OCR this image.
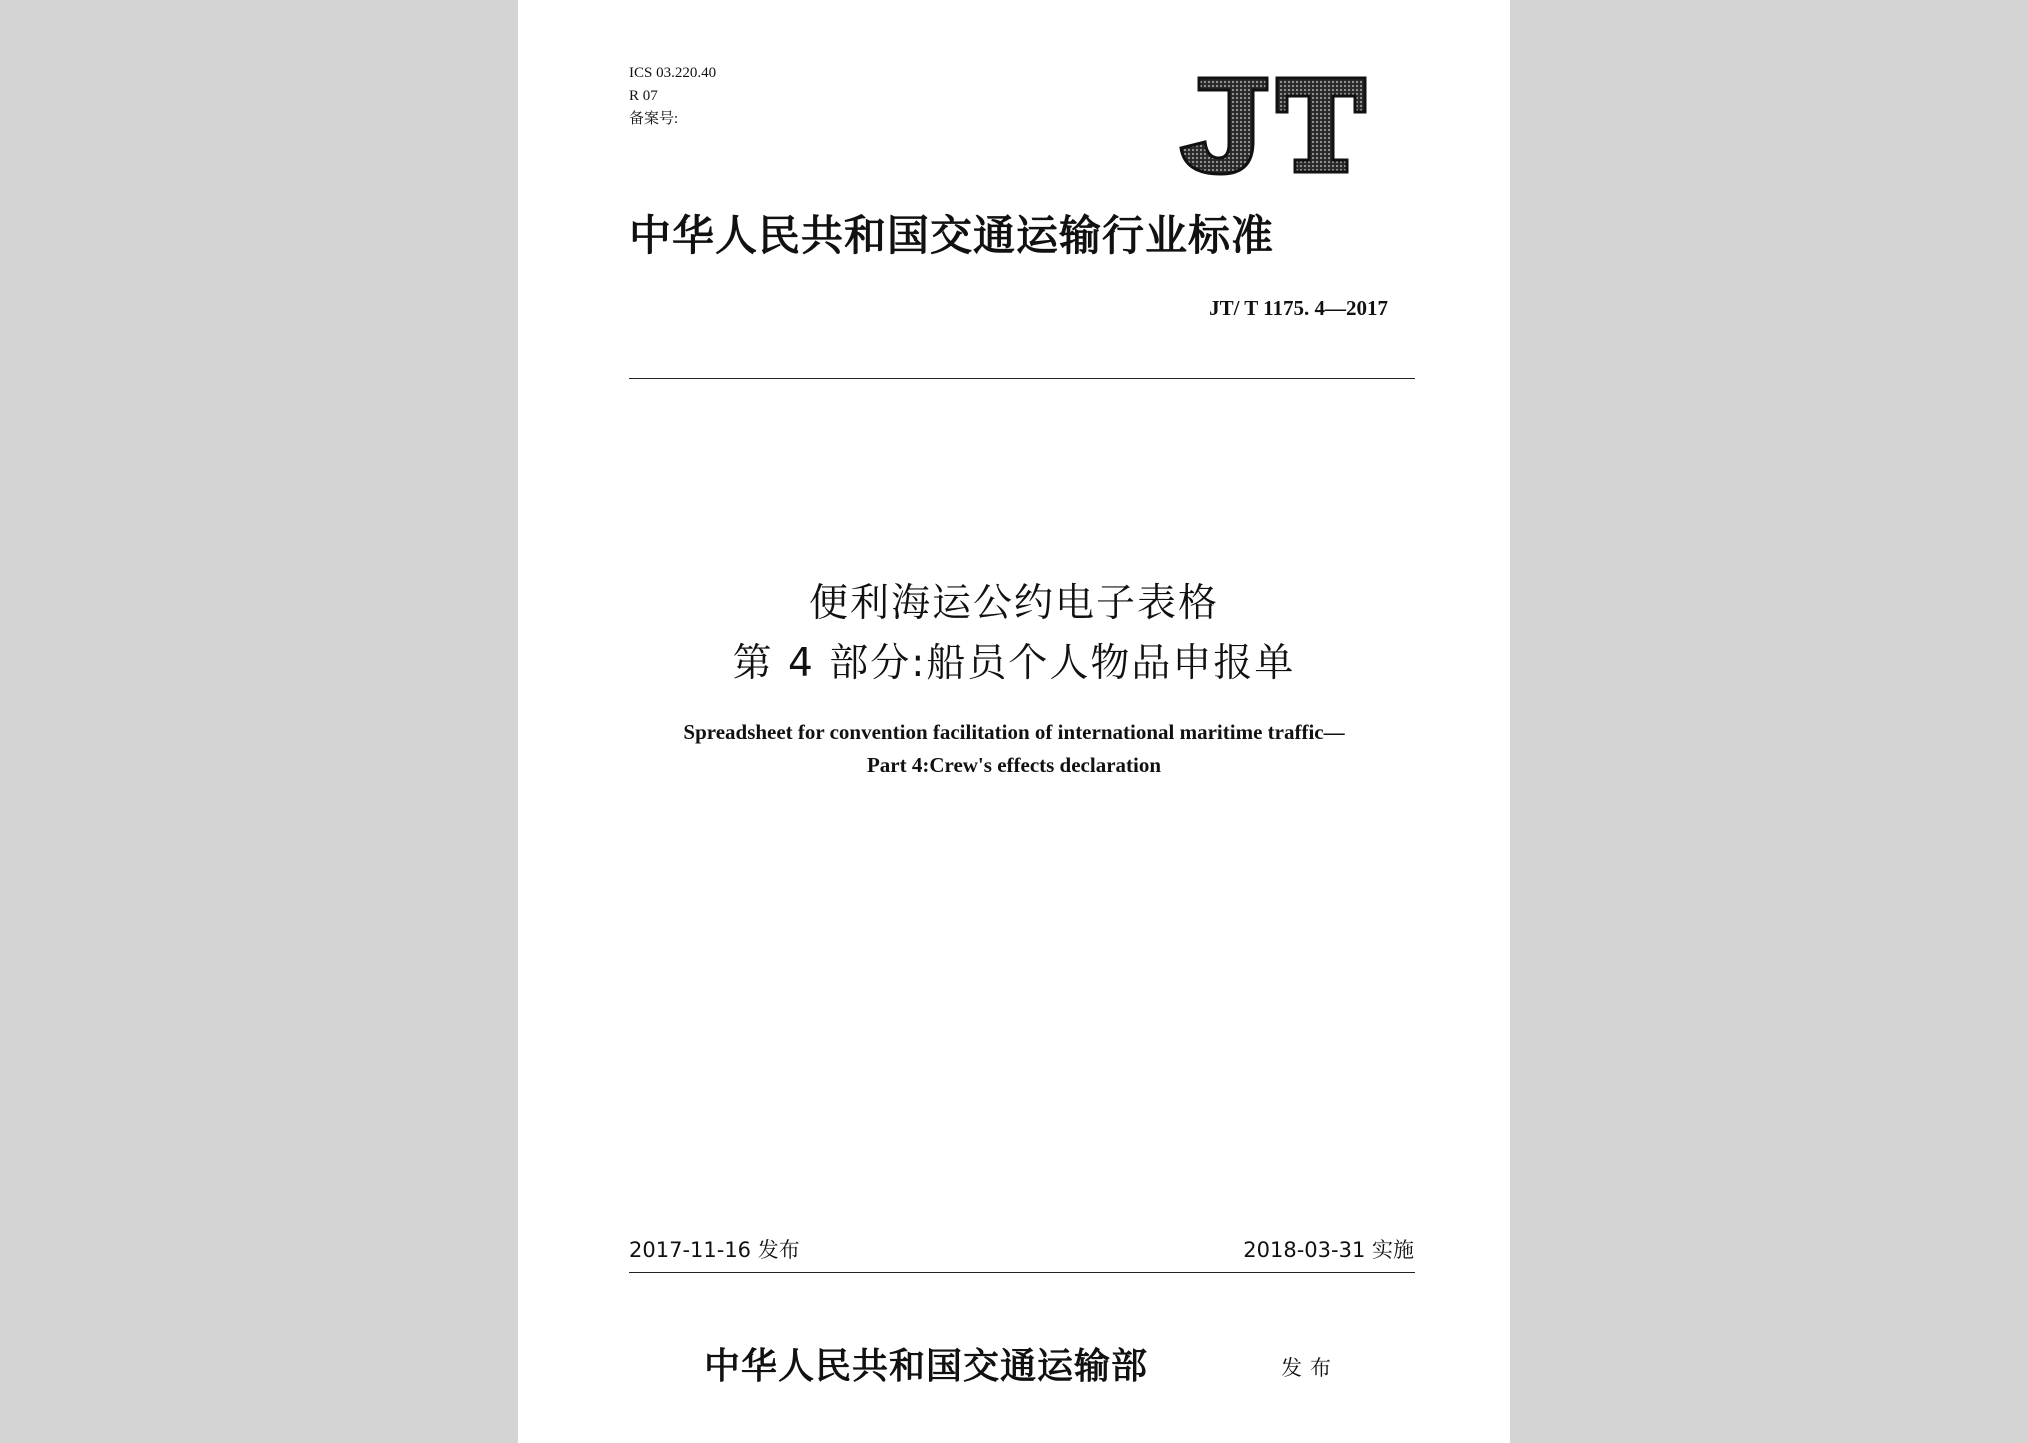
ICS 03.220.40
R 07
备案号:
中华人民共和国交通运输行业标准
JT/ T 1175. 4—2017
便利海运公约电子表格
第 4 部分:船员个人物品申报单
Spreadsheet for convention facilitation of international maritime traffic—
Part 4:Crew's effects declaration
2017-11-16 发布	2018-03-31 实施
中华人民共和国交通运输部	发布
